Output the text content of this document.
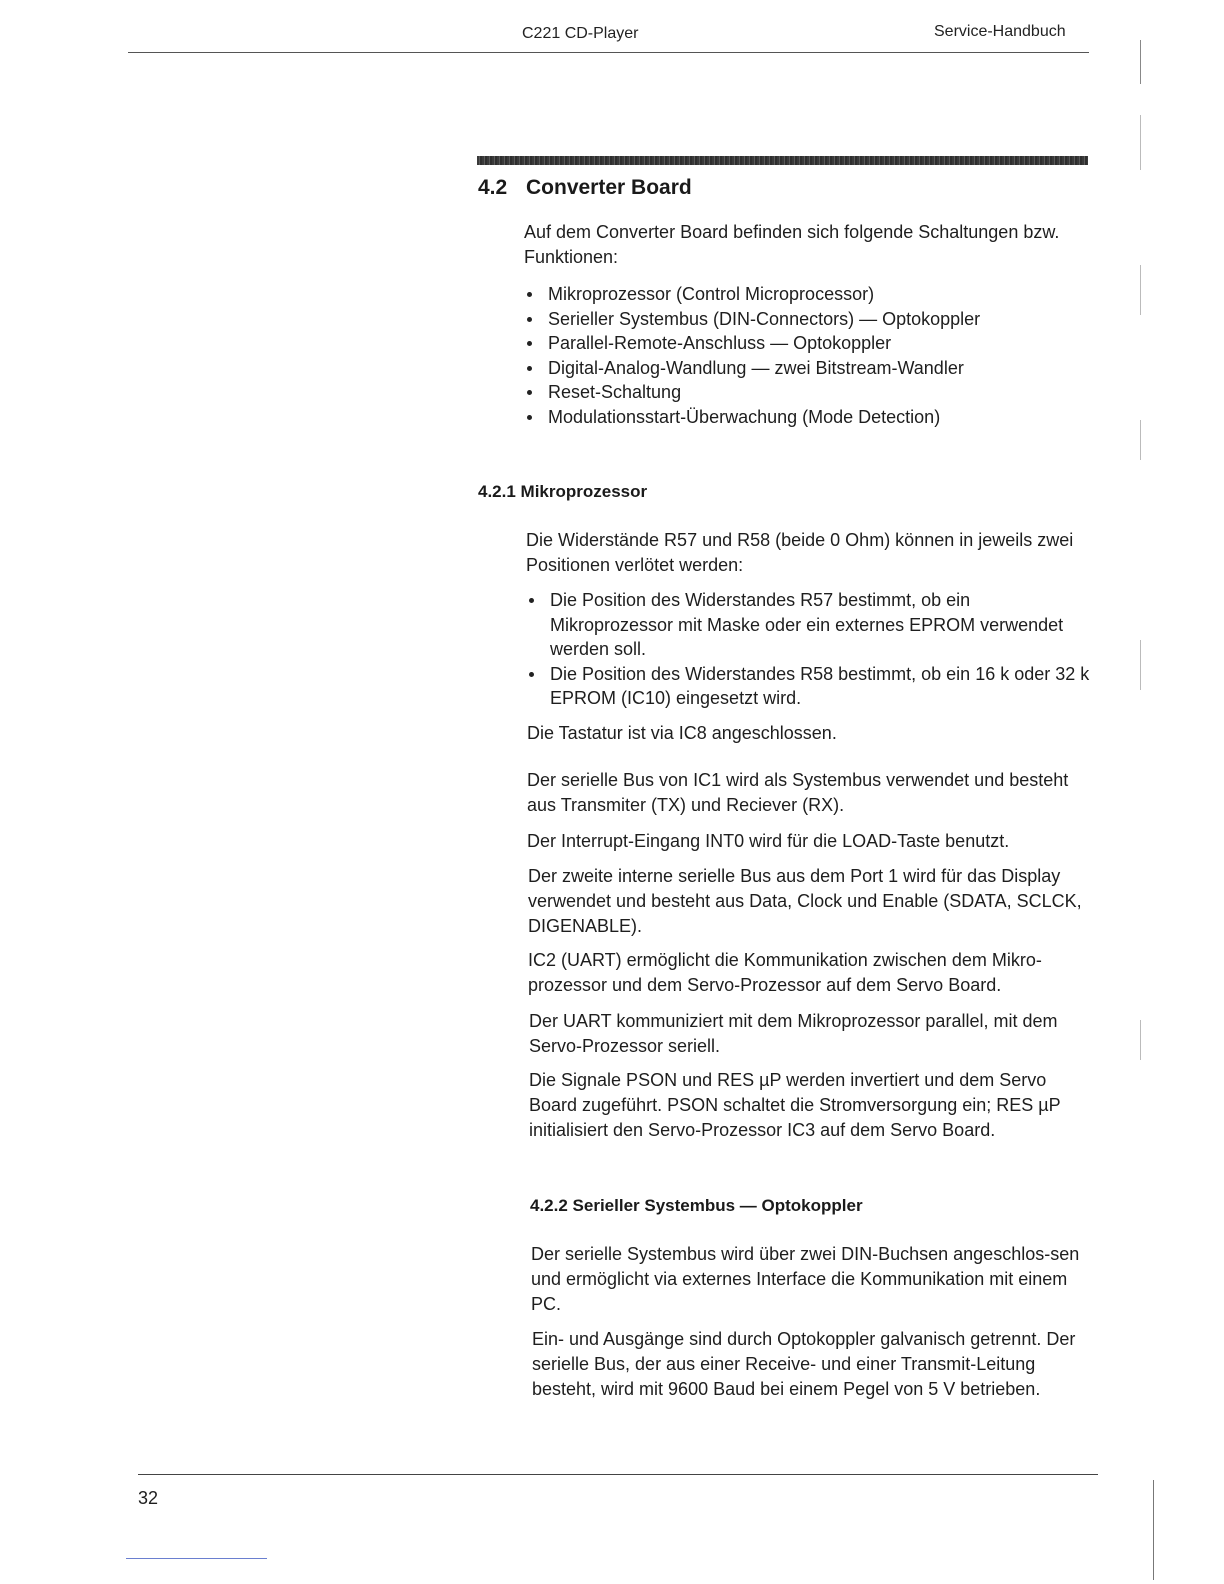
C221 CD-Player	Service-Handbuch
4.2 Converter Board

Auf dem Converter Board befinden sich folgende Schaltungen bzw. Funktionen:

Mikroprozessor (Control Microprocessor)
Serieller Systembus (DIN-Connectors) — Optokoppler
Parallel-Remote-Anschluss — Optokoppler
Digital-Analog-Wandlung — zwei Bitstream-Wandler
Reset-Schaltung
Modulationsstart-Überwachung (Mode Detection)
4.2.1 Mikroprozessor

Die Widerstände R57 und R58 (beide 0 Ohm) können in jeweils zwei Positionen verlötet werden:

Die Position des Widerstandes R57 bestimmt, ob ein Mikroprozessor mit Maske oder ein externes EPROM verwendet werden soll.
Die Position des Widerstandes R58 bestimmt, ob ein 16 k oder 32 k EPROM (IC10) eingesetzt wird.

Die Tastatur ist via IC8 angeschlossen.

Der serielle Bus von IC1 wird als Systembus verwendet und besteht aus Transmiter (TX) und Reciever (RX).

Der Interrupt-Eingang INT0 wird für die LOAD-Taste benutzt.

Der zweite interne serielle Bus aus dem Port 1 wird für das Display verwendet und besteht aus Data, Clock und Enable (SDATA, SCLCK, DIGENABLE).

IC2 (UART) ermöglicht die Kommunikation zwischen dem Mikro-prozessor und dem Servo-Prozessor auf dem Servo Board.

Der UART kommuniziert mit dem Mikroprozessor parallel, mit dem Servo-Prozessor seriell.

Die Signale PSON und RES µP werden invertiert und dem Servo Board zugeführt. PSON schaltet die Stromversorgung ein; RES µP initialisiert den Servo-Prozessor IC3 auf dem Servo Board.

4.2.2 Serieller Systembus — Optokoppler

Der serielle Systembus wird über zwei DIN-Buchsen angeschlos-sen und ermöglicht via externes Interface die Kommunikation mit einem PC.

Ein- und Ausgänge sind durch Optokoppler galvanisch getrennt. Der serielle Bus, der aus einer Receive- und einer Transmit-Leitung besteht, wird mit 9600 Baud bei einem Pegel von 5 V betrieben.

32
